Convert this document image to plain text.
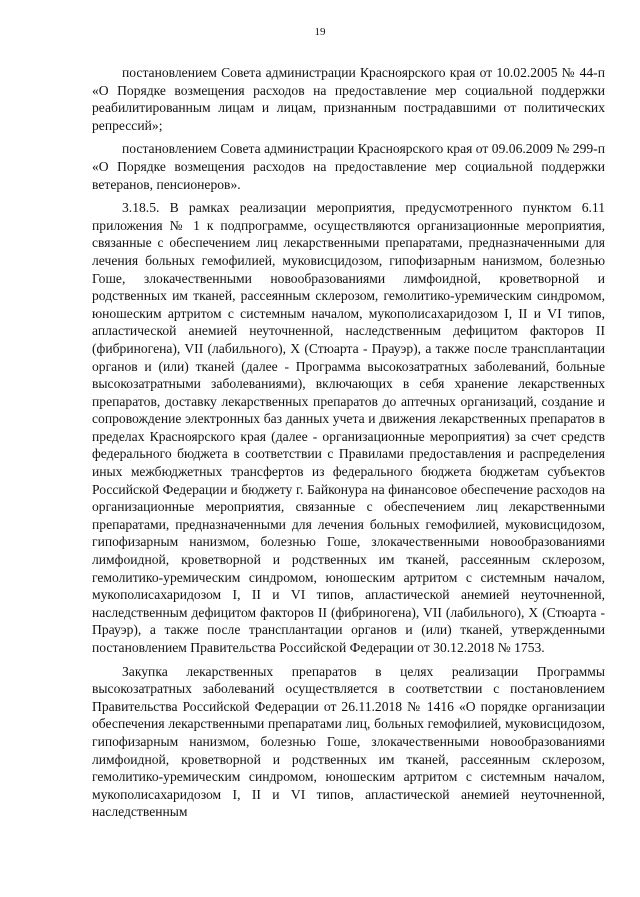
19

постановлением Совета администрации Красноярского края от 10.02.2005 № 44-п «О Порядке возмещения расходов на предоставление мер социальной поддержки реабилитированным лицам и лицам, признанным пострадавшими от политических репрессий»;

постановлением Совета администрации Красноярского края от 09.06.2009 № 299-п «О Порядке возмещения расходов на предоставление мер социальной поддержки ветеранов, пенсионеров».

3.18.5. В рамках реализации мероприятия, предусмотренного пунктом 6.11 приложения № 1 к подпрограмме, осуществляются организационные мероприятия, связанные с обеспечением лиц лекарственными препаратами, предназначенными для лечения больных гемофилией, муковисцидозом, гипофизарным нанизмом, болезнью Гоше, злокачественными новообразованиями лимфоидной, кроветворной и родственных им тканей, рассеянным склерозом, гемолитико-уремическим синдромом, юношеским артритом с системным началом, мукополисахаридозом I, II и VI типов, апластической анемией неуточненной, наследственным дефицитом факторов II (фибриногена), VII (лабильного), X (Стюарта - Прауэр), а также после трансплантации органов и (или) тканей (далее - Программа высокозатратных заболеваний, больные высокозатратными заболеваниями), включающих в себя хранение лекарственных препаратов, доставку лекарственных препаратов до аптечных организаций, создание и сопровождение электронных баз данных учета и движения лекарственных препаратов в пределах Красноярского края (далее - организационные мероприятия) за счет средств федерального бюджета в соответствии с Правилами предоставления и распределения иных межбюджетных трансфертов из федерального бюджета бюджетам субъектов Российской Федерации и бюджету г. Байконура на финансовое обеспечение расходов на организационные мероприятия, связанные с обеспечением лиц лекарственными препаратами, предназначенными для лечения больных гемофилией, муковисцидозом, гипофизарным нанизмом, болезнью Гоше, злокачественными новообразованиями лимфоидной, кроветворной и родственных им тканей, рассеянным склерозом, гемолитико-уремическим синдромом, юношеским артритом с системным началом, мукополисахаридозом I, II и VI типов, апластической анемией неуточненной, наследственным дефицитом факторов II (фибриногена), VII (лабильного), X (Стюарта - Прауэр), а также после трансплантации органов и (или) тканей, утвержденными постановлением Правительства Российской Федерации от 30.12.2018 № 1753.

Закупка лекарственных препаратов в целях реализации Программы высокозатратных заболеваний осуществляется в соответствии с постановлением Правительства Российской Федерации от 26.11.2018 № 1416 «О порядке организации обеспечения лекарственными препаратами лиц, больных гемофилией, муковисцидозом, гипофизарным нанизмом, болезнью Гоше, злокачественными новообразованиями лимфоидной, кроветворной и родственных им тканей, рассеянным склерозом, гемолитико-уремическим синдромом, юношеским артритом с системным началом, мукополисахаридозом I, II и VI типов, апластической анемией неуточненной, наследственным
